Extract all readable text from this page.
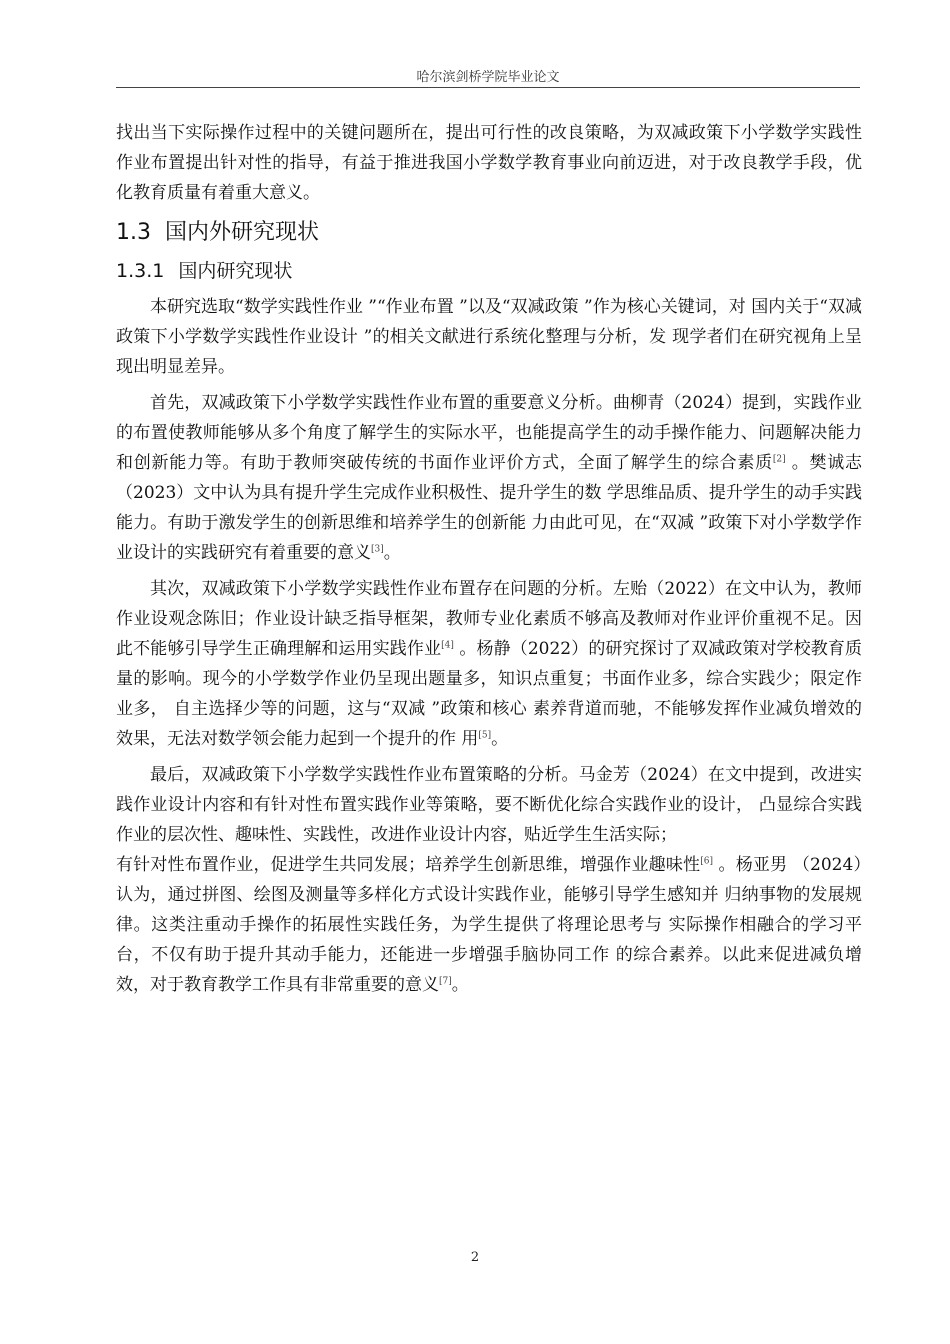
哈尔滨剑桥学院毕业论文

找出当下实际操作过程中的关键问题所在，提出可行性的改良策略，为双减政策下小学数学实践性作业布置提出针对性的指导，有益于推进我国小学数学教育事业向前迈进，对于改良教学手段，优化教育质量有着重大意义。

1.3 国内外研究现状
1.3.1 国内研究现状

本研究选取“数学实践性作业 ”“作业布置 ”以及“双减政策 ”作为核心关键词，对 国内关于“双减政策下小学数学实践性作业设计 ”的相关文献进行系统化整理与分析，发 现学者们在研究视角上呈现出明显差异。

首先，双减政策下小学数学实践性作业布置的重要意义分析。曲柳青（2024）提到，实践作业的布置使教师能够从多个角度了解学生的实际水平，也能提高学生的动手操作能力、问题解决能力和创新能力等。有助于教师突破传统的书面作业评价方式，全面了解学生的综合素质[2] 。樊诚志（2023）文中认为具有提升学生完成作业积极性、提升学生的数 学思维品质、提升学生的动手实践能力。有助于激发学生的创新思维和培养学生的创新能 力由此可见，在“双减 ”政策下对小学数学作业设计的实践研究有着重要的意义[3]。

其次，双减政策下小学数学实践性作业布置存在问题的分析。左贻（2022）在文中认为，教师作业设观念陈旧；作业设计缺乏指导框架，教师专业化素质不够高及教师对作业评价重视不足。因此不能够引导学生正确理解和运用实践作业[4] 。杨静（2022）的研究探讨了双减政策对学校教育质量的影响。现今的小学数学作业仍呈现出题量多，知识点重复；书面作业多，综合实践少；限定作业多， 自主选择少等的问题，这与“双减 ”政策和核心 素养背道而驰，不能够发挥作业减负增效的效果，无法对数学领会能力起到一个提升的作 用[5]。

最后，双减政策下小学数学实践性作业布置策略的分析。马金芳（2024）在文中提到，改进实践作业设计内容和有针对性布置实践作业等策略，要不断优化综合实践作业的设计， 凸显综合实践作业的层次性、趣味性、实践性，改进作业设计内容，贴近学生生活实际；

有针对性布置作业，促进学生共同发展；培养学生创新思维，增强作业趣味性[6] 。杨亚男 （2024）认为，通过拼图、绘图及测量等多样化方式设计实践作业，能够引导学生感知并 归纳事物的发展规律。这类注重动手操作的拓展性实践任务，为学生提供了将理论思考与 实际操作相融合的学习平台，不仅有助于提升其动手能力，还能进一步增强手脑协同工作 的综合素养。以此来促进减负增效，对于教育教学工作具有非常重要的意义[7]。

2
